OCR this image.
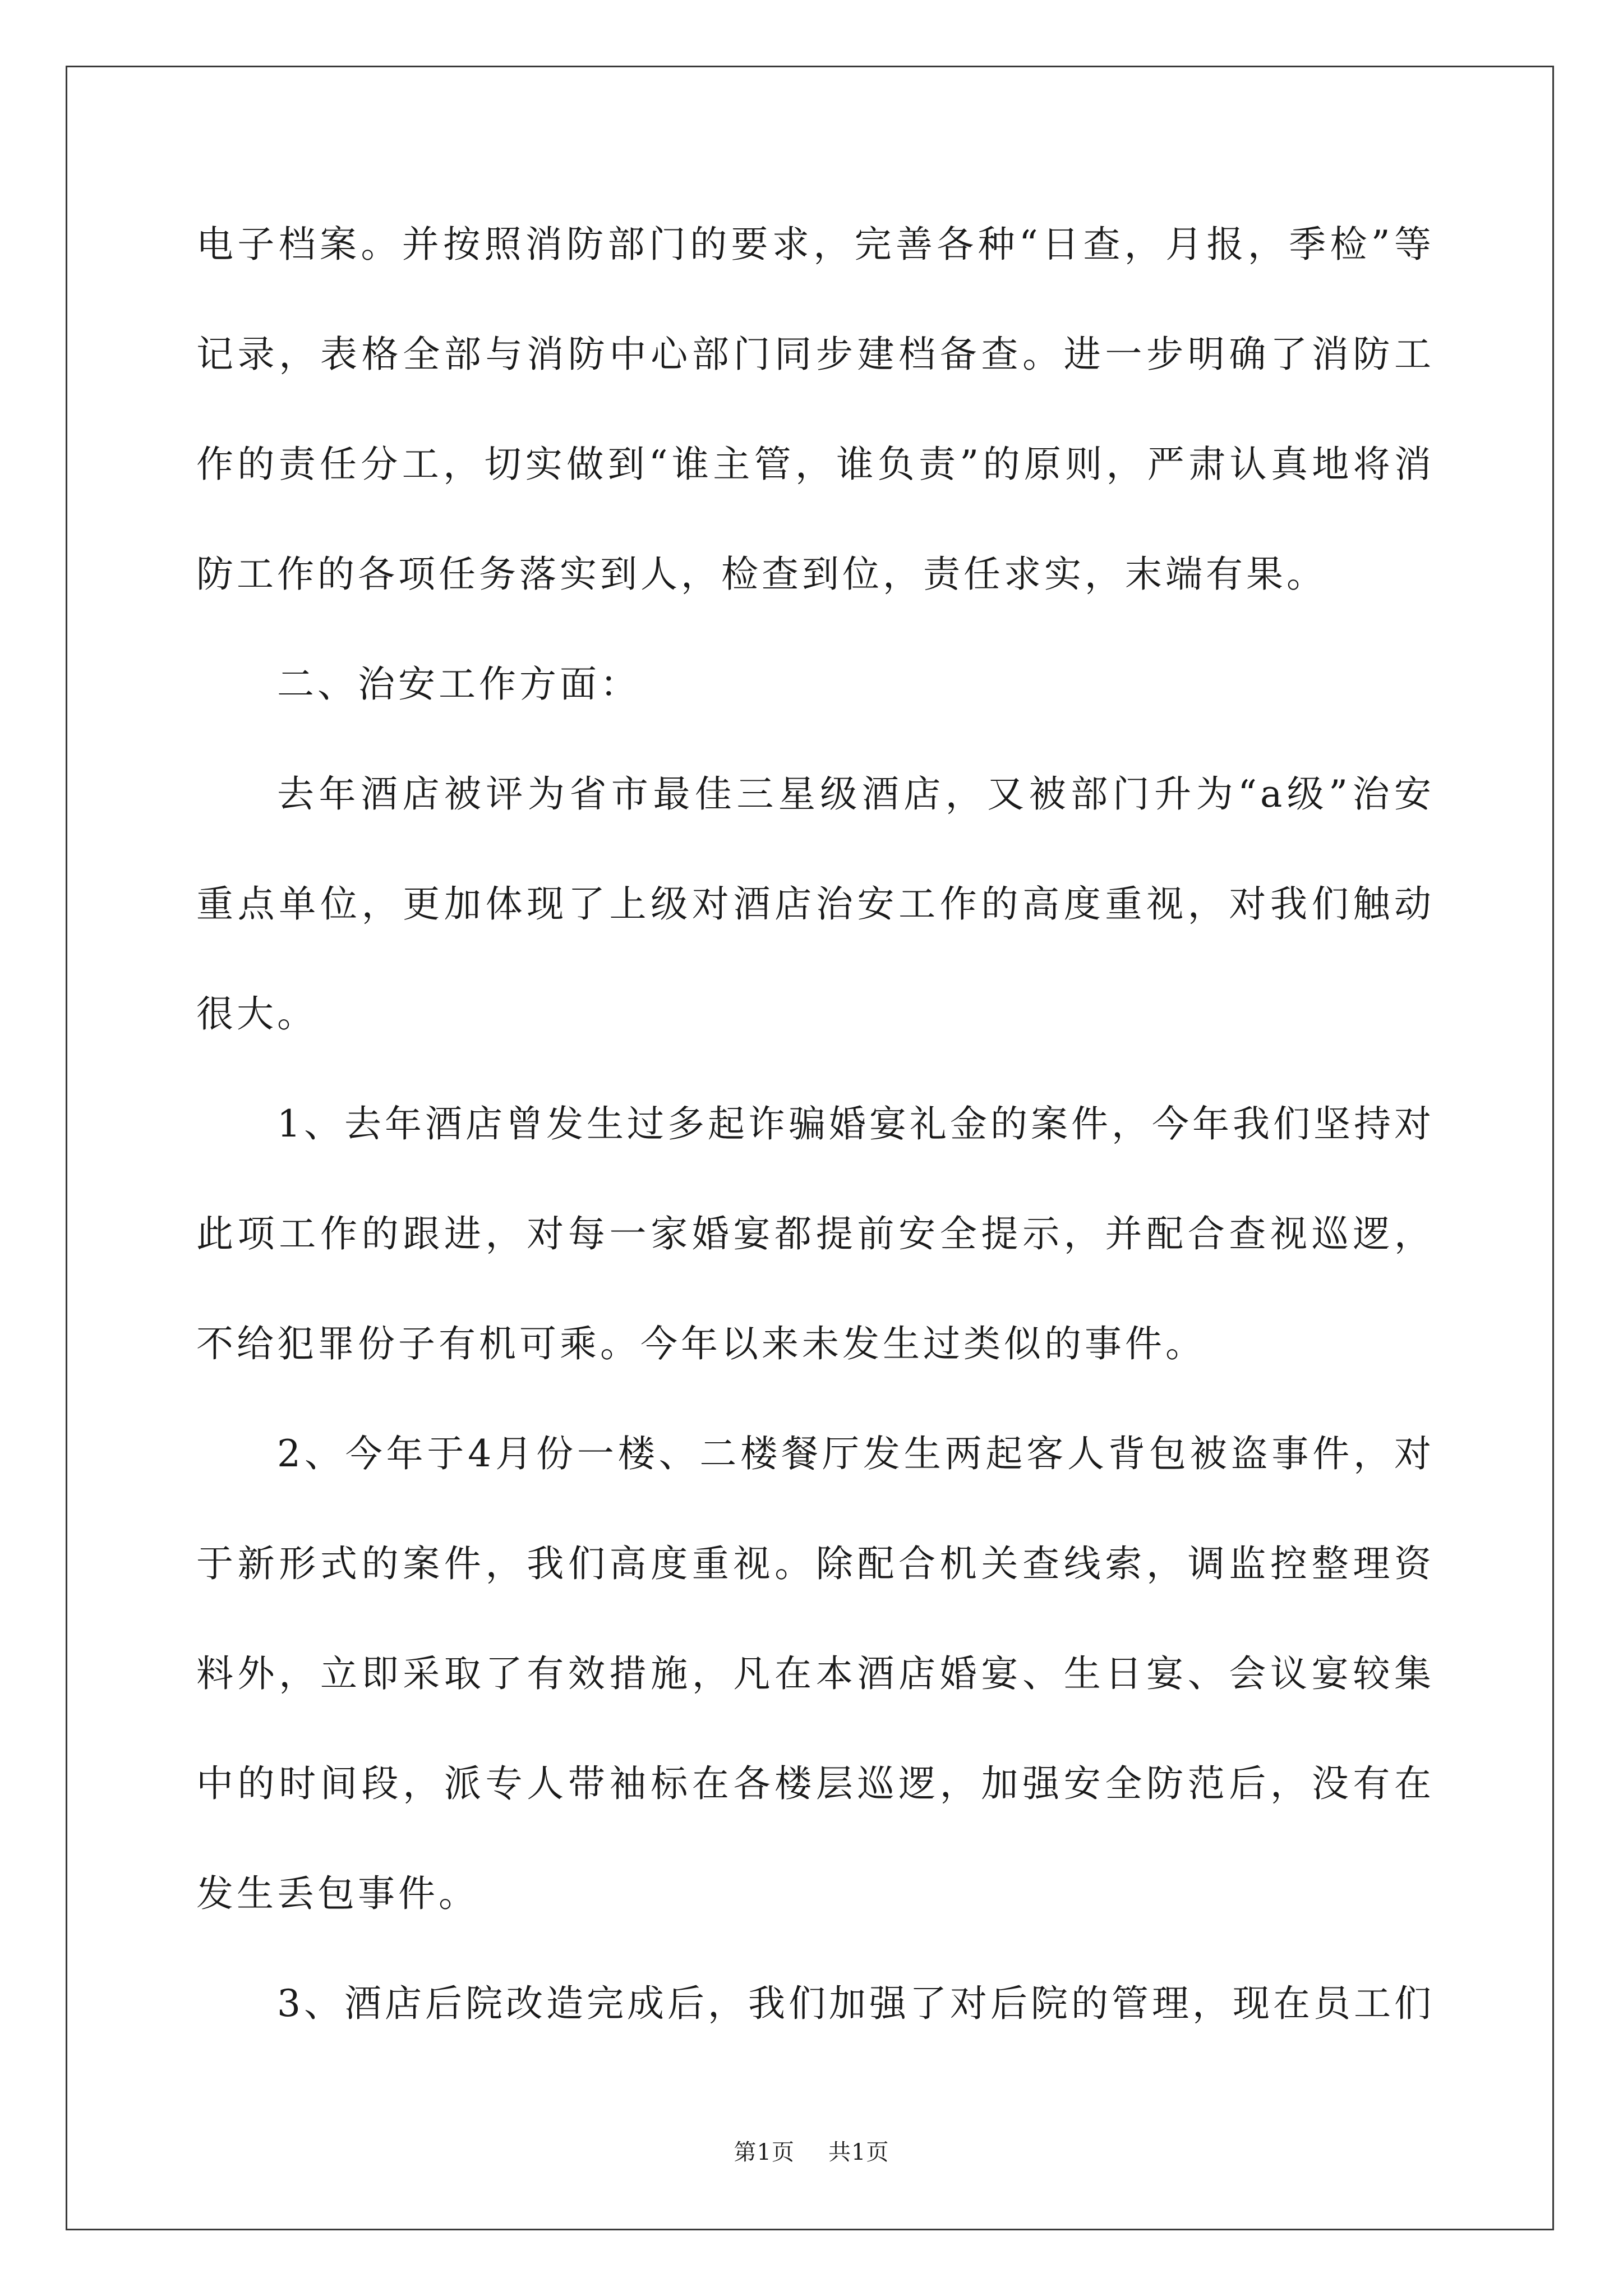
电子档案。并按照消防部门的要求，完善各种“日查，月报，季检”等记录，表格全部与消防中心部门同步建档备查。进一步明确了消防工作的责任分工，切实做到“谁主管，谁负责”的原则，严肃认真地将消防工作的各项任务落实到人，检查到位，责任求实，末端有果。

二、治安工作方面：

去年酒店被评为省市最佳三星级酒店，又被部门升为“a级”治安重点单位，更加体现了上级对酒店治安工作的高度重视，对我们触动很大。

1、去年酒店曾发生过多起诈骗婚宴礼金的案件，今年我们坚持对此项工作的跟进，对每一家婚宴都提前安全提示，并配合查视巡逻，不给犯罪份子有机可乘。今年以来未发生过类似的事件。

2、今年于4月份一楼、二楼餐厅发生两起客人背包被盗事件，对于新形式的案件，我们高度重视。除配合机关查线索，调监控整理资料外，立即采取了有效措施，凡在本酒店婚宴、生日宴、会议宴较集中的时间段，派专人带袖标在各楼层巡逻，加强安全防范后，没有在发生丢包事件。

3、酒店后院改造完成后，我们加强了对后院的管理，现在员工们

第1页 共1页
